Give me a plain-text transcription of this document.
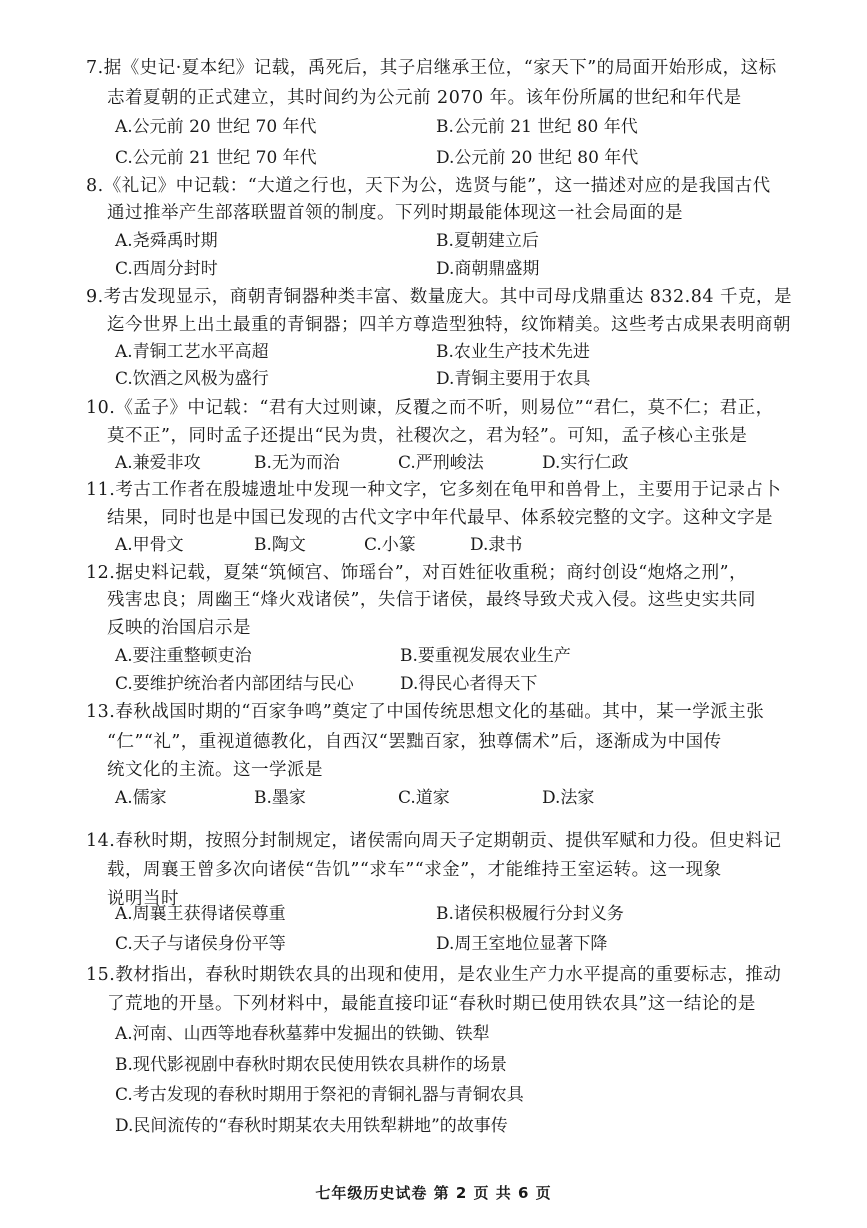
7.据《史记·夏本纪》记载，禹死后，其子启继承王位，“家天下”的局面开始形成，这标
志着夏朝的正式建立，其时间约为公元前 2070 年。该年份所属的世纪和年代是
A.公元前 20 世纪 70 年代	B.公元前 21 世纪 80 年代
C.公元前 21 世纪 70 年代	D.公元前 20 世纪 80 年代
8.《礼记》中记载：“大道之行也，天下为公，选贤与能”，这一描述对应的是我国古代
通过推举产生部落联盟首领的制度。下列时期最能体现这一社会局面的是
A.尧舜禹时期	B.夏朝建立后
C.西周分封时	D.商朝鼎盛期
9.考古发现显示，商朝青铜器种类丰富、数量庞大。其中司母戊鼎重达 832.84 千克，是
迄今世界上出土最重的青铜器；四羊方尊造型独特，纹饰精美。这些考古成果表明商朝
A.青铜工艺水平高超	B.农业生产技术先进
C.饮酒之风极为盛行	D.青铜主要用于农具
10.《孟子》中记载：“君有大过则谏，反覆之而不听，则易位”“君仁，莫不仁；君正，
莫不正”，同时孟子还提出“民为贵，社稷次之，君为轻”。可知，孟子核心主张是
A.兼爱非攻	B.无为而治	C.严刑峻法	D.实行仁政
11.考古工作者在殷墟遗址中发现一种文字，它多刻在龟甲和兽骨上，主要用于记录占卜
结果，同时也是中国已发现的古代文字中年代最早、体系较完整的文字。这种文字是
A.甲骨文	B.陶文	C.小篆	D.隶书
12.据史料记载，夏桀“筑倾宫、饰瑶台”，对百姓征收重税；商纣创设“炮烙之刑”，
残害忠良；周幽王“烽火戏诸侯”，失信于诸侯，最终导致犬戎入侵。这些史实共同
反映的治国启示是
A.要注重整顿吏治	B.要重视发展农业生产
C.要维护统治者内部团结与民心	D.得民心者得天下
13.春秋战国时期的“百家争鸣”奠定了中国传统思想文化的基础。其中，某一学派主张
“仁”“礼”，重视道德教化，自西汉“罢黜百家，独尊儒术”后，逐渐成为中国传
统文化的主流。这一学派是
A.儒家	B.墨家	C.道家	D.法家
14.春秋时期，按照分封制规定，诸侯需向周天子定期朝贡、提供军赋和力役。但史料记
载，周襄王曾多次向诸侯“告饥”“求车”“求金”，才能维持王室运转。这一现象
说明当时
A.周襄王获得诸侯尊重	B.诸侯积极履行分封义务
C.天子与诸侯身份平等	D.周王室地位显著下降
15.教材指出，春秋时期铁农具的出现和使用，是农业生产力水平提高的重要标志，推动
了荒地的开垦。下列材料中，最能直接印证“春秋时期已使用铁农具”这一结论的是
A.河南、山西等地春秋墓葬中发掘出的铁锄、铁犁
B.现代影视剧中春秋时期农民使用铁农具耕作的场景
C.考古发现的春秋时期用于祭祀的青铜礼器与青铜农具
D.民间流传的“春秋时期某农夫用铁犁耕地”的故事传
七年级历史试卷 第 2 页 共 6 页
